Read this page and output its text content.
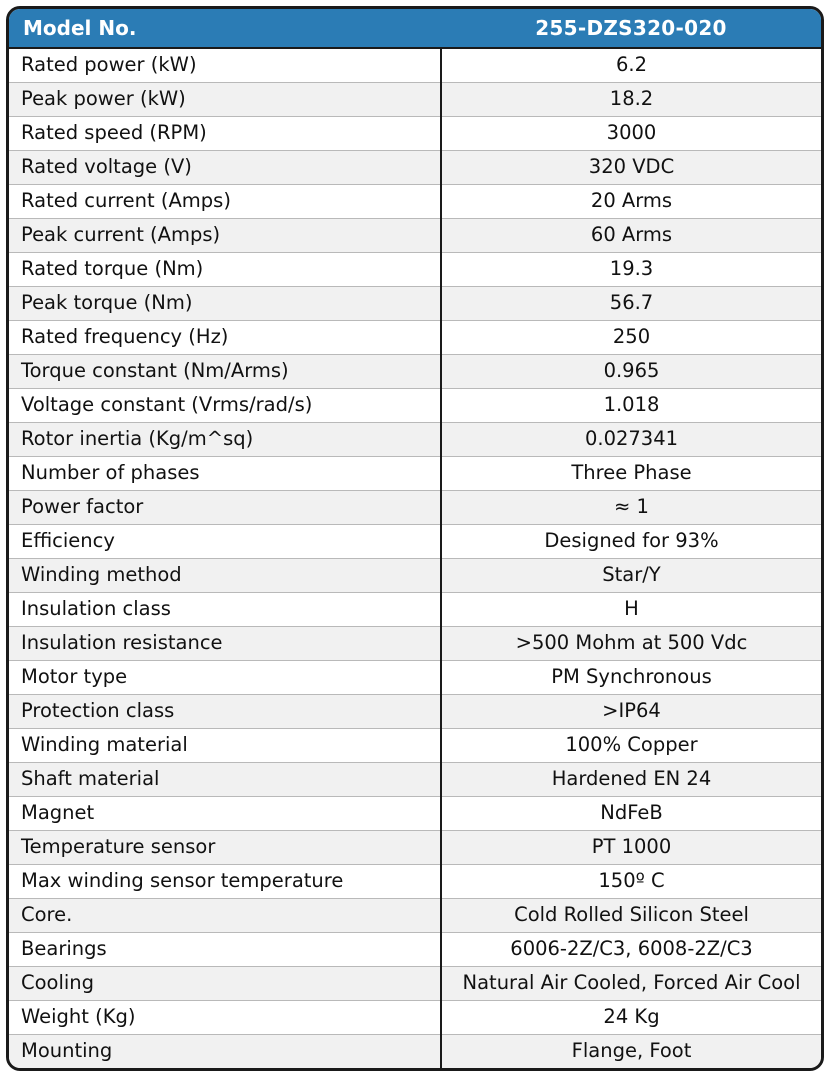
Model No.	255-DZS320-020
Rated power (kW)	6.2
Peak power (kW)	18.2
Rated speed (RPM)	3000
Rated voltage (V)	320 VDC
Rated current (Amps)	20 Arms
Peak current (Amps)	60 Arms
Rated torque (Nm)	19.3
Peak torque (Nm)	56.7
Rated frequency (Hz)	250
Torque constant (Nm/Arms)	0.965
Voltage constant (Vrms/rad/s)	1.018
Rotor inertia (Kg/m^sq)	0.027341
Number of phases	Three Phase
Power factor	≈ 1
Efficiency	Designed for 93%
Winding method	Star/Y
Insulation class	H
Insulation resistance	>500 Mohm at 500 Vdc
Motor type	PM Synchronous
Protection class	>IP64
Winding material	100% Copper
Shaft material	Hardened EN 24
Magnet	NdFeB
Temperature sensor	PT 1000
Max winding sensor temperature	150º C
Core.	Cold Rolled Silicon Steel
Bearings	6006-2Z/C3, 6008-2Z/C3
Cooling	Natural Air Cooled, Forced Air Cool
Weight (Kg)	24 Kg
Mounting	Flange, Foot
